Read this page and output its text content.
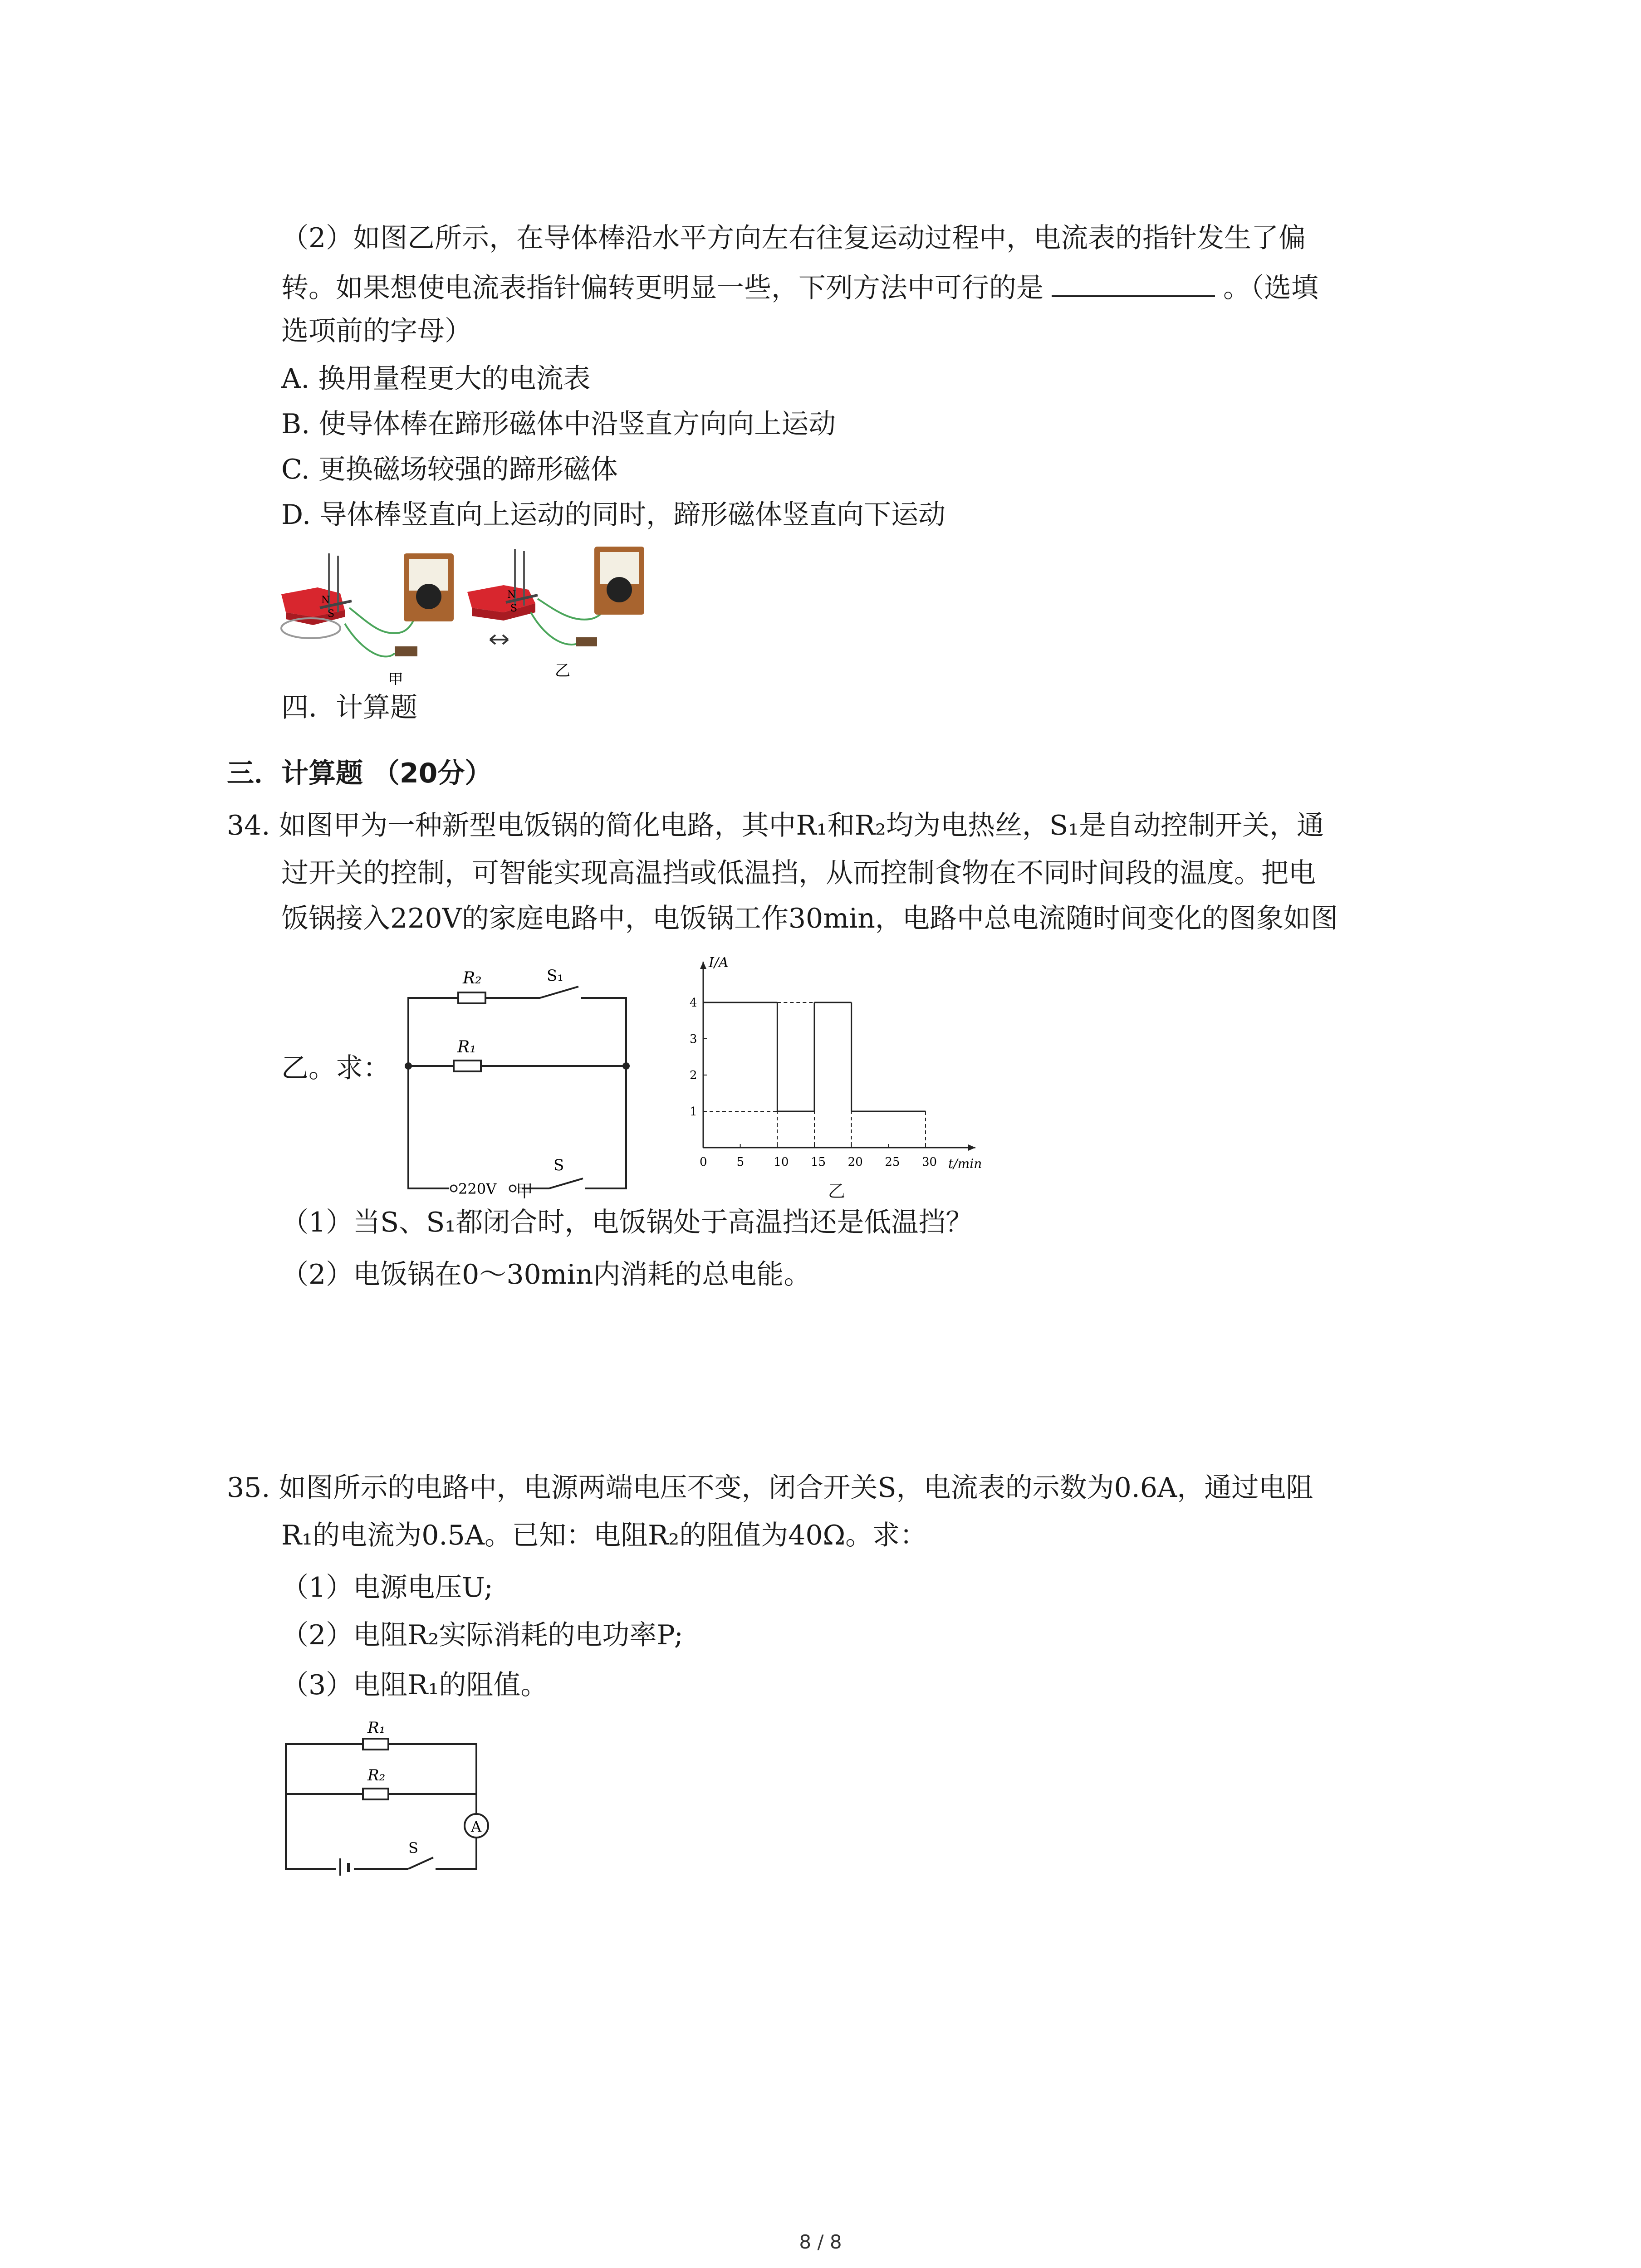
（2）如图乙所示，在导体棒沿水平方向左右往复运动过程中，电流表的指针发生了偏
转。如果想使电流表指针偏转更明显一些，下列方法中可行的是	。（选填
选项前的字母）
A. 换用量程更大的电流表
B. 使导体棒在蹄形磁体中沿竖直方向向上运动
C. 更换磁场较强的蹄形磁体
D. 导体棒竖直向上运动的同时，蹄形磁体竖直向下运动
N
S
甲
N
S
乙
四．计算题
三．计算题 （20分）
34. 如图甲为一种新型电饭锅的简化电路，其中R₁和R₂均为电热丝，S₁是自动控制开关，通
过开关的控制，可智能实现高温挡或低温挡，从而控制食物在不同时间段的温度。把电
饭锅接入220V的家庭电路中，电饭锅工作30min，电路中总电流随时间变化的图象如图
乙。求：
R₂	S₁
R₁
220V
S
甲
I/A
t/min
0	5	10 15 20 25 30
1
2
3
4
乙
（1）当S、S₁都闭合时，电饭锅处于高温挡还是低温挡？
（2）电饭锅在0～30min内消耗的总电能。
35. 如图所示的电路中，电源两端电压不变，闭合开关S，电流表的示数为0.6A，通过电阻
R₁的电流为0.5A。已知：电阻R₂的阻值为40Ω。求：
（1）电源电压U;
（2）电阻R₂实际消耗的电功率P;
（3）电阻R₁的阻值。
R₁
R₂
A
S
8 / 8
